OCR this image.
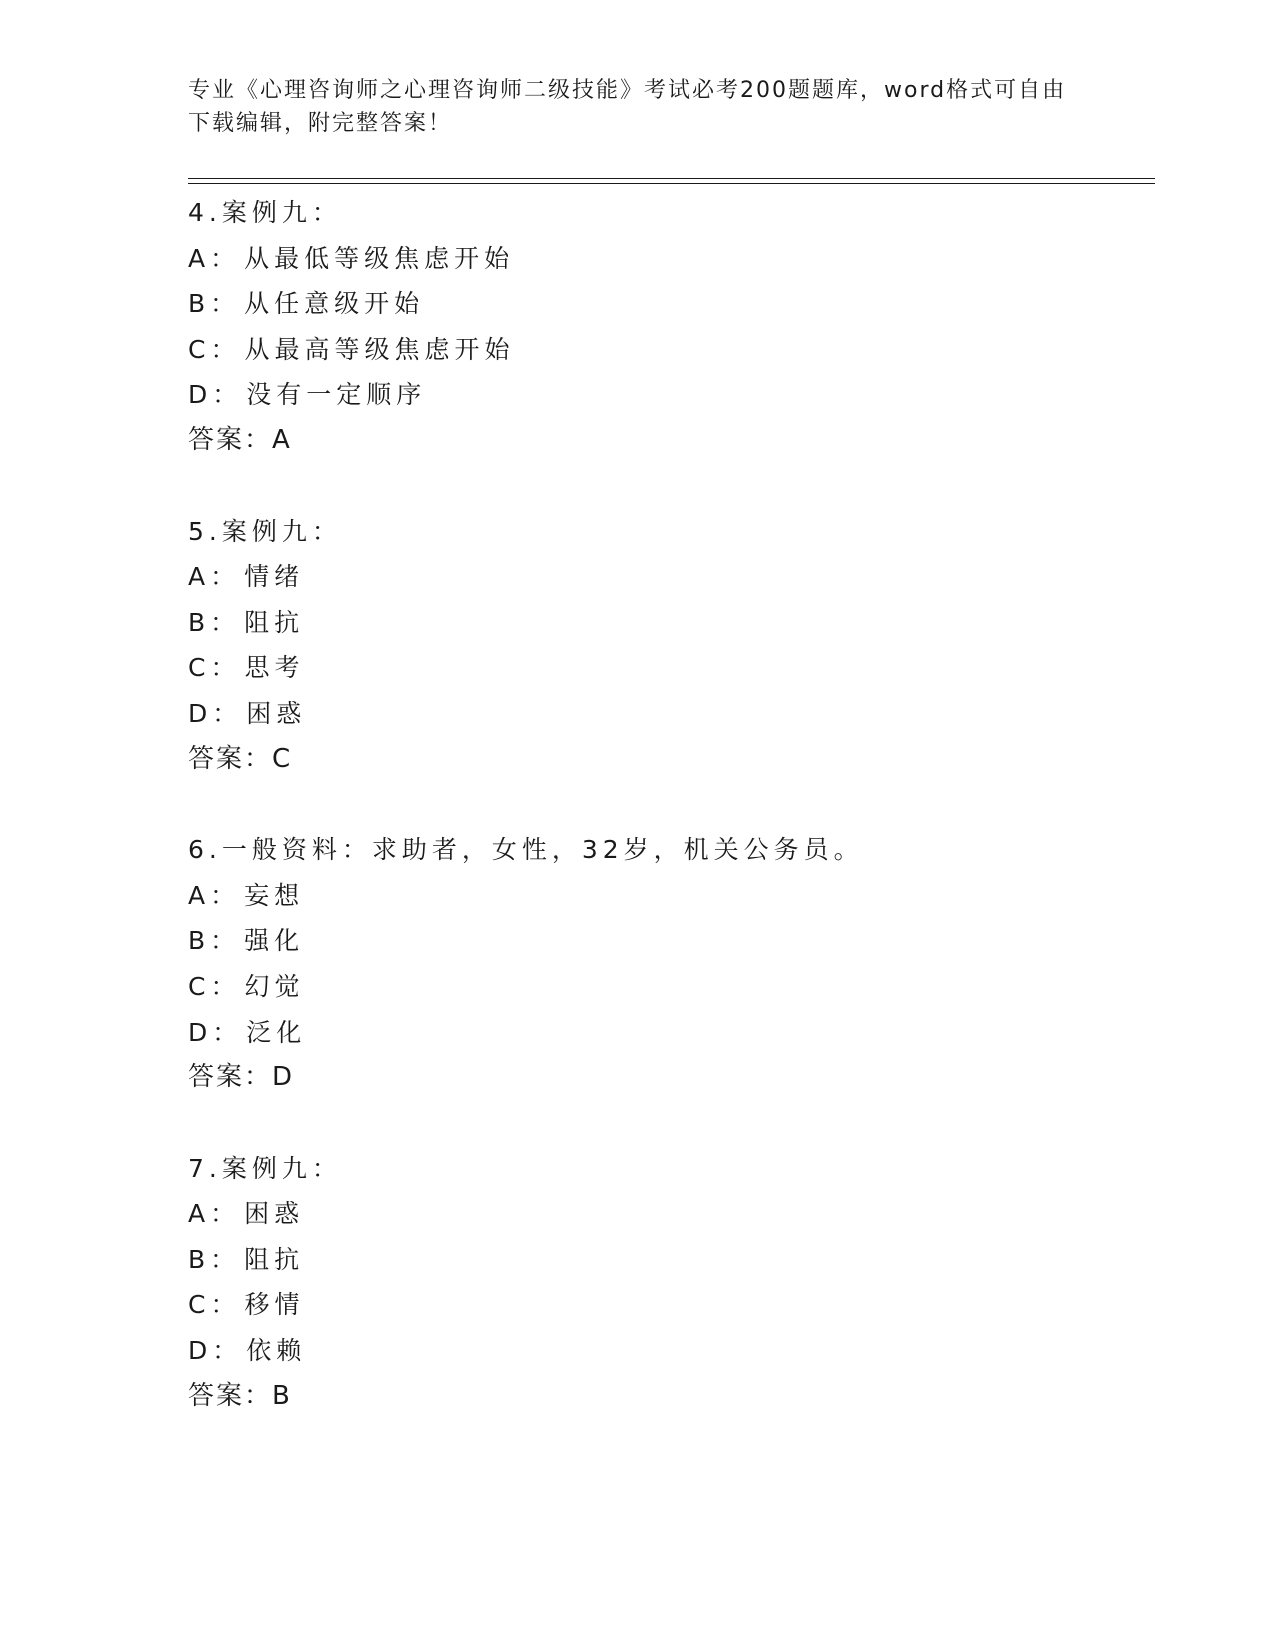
专业《心理咨询师之心理咨询师二级技能》考试必考200题题库，word格式可自由下载编辑，附完整答案！
4.案例九：
A： 从最低等级焦虑开始
B： 从任意级开始
C： 从最高等级焦虑开始
D： 没有一定顺序
答案：A
5.案例九：
A： 情绪
B： 阻抗
C： 思考
D： 困惑
答案：C
6.一般资料：求助者，女性，32岁，机关公务员。
A： 妄想
B： 强化
C： 幻觉
D： 泛化
答案：D
7.案例九：
A： 困惑
B： 阻抗
C： 移情
D： 依赖
答案：B
